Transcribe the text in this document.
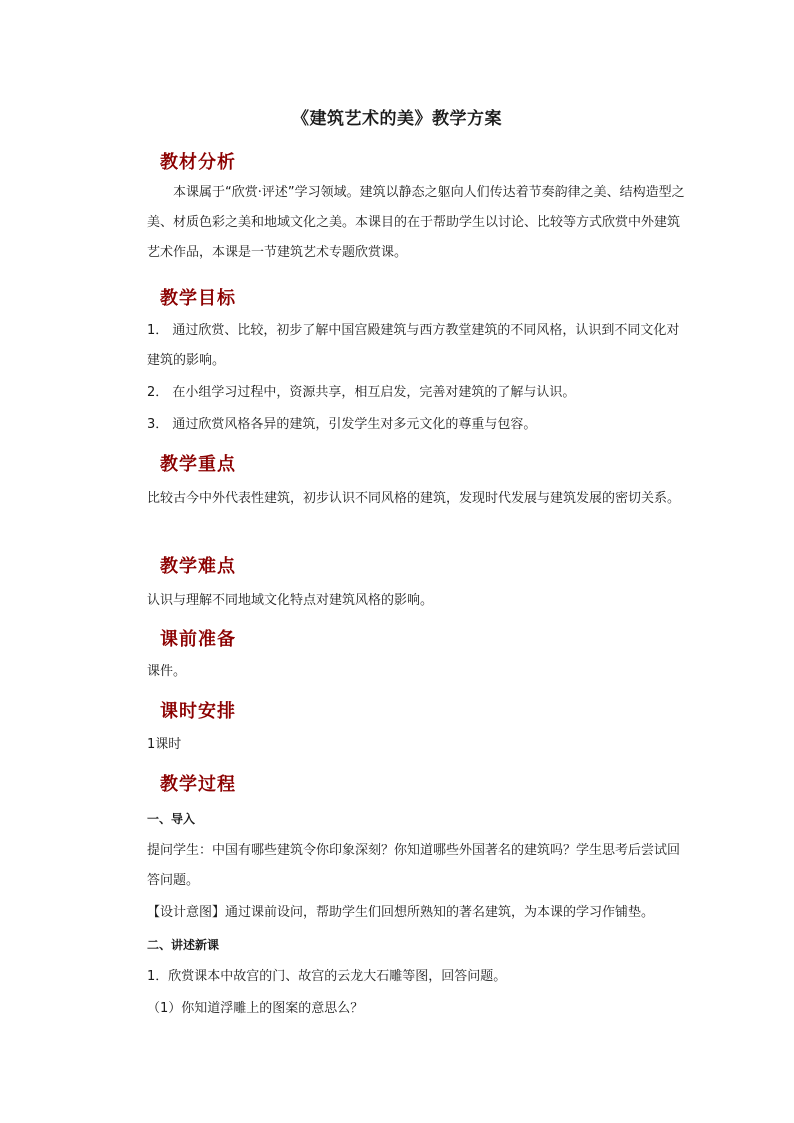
《建筑艺术的美》教学方案
教材分析
本课属于“欣赏·评述”学习领域。建筑以静态之躯向人们传达着节奏韵律之美、结构造型之美、材质色彩之美和地域文化之美。本课目的在于帮助学生以讨论、比较等方式欣赏中外建筑艺术作品，本课是一节建筑艺术专题欣赏课。
教学目标
1． 通过欣赏、比较，初步了解中国宫殿建筑与西方教堂建筑的不同风格，认识到不同文化对建筑的影响。
2． 在小组学习过程中，资源共享，相互启发，完善对建筑的了解与认识。
3． 通过欣赏风格各异的建筑，引发学生对多元文化的尊重与包容。
教学重点
比较古今中外代表性建筑，初步认识不同风格的建筑，发现时代发展与建筑发展的密切关系。
教学难点
认识与理解不同地域文化特点对建筑风格的影响。
课前准备
课件。
课时安排
1课时
教学过程
一、导入
提问学生：中国有哪些建筑令你印象深刻？你知道哪些外国著名的建筑吗？学生思考后尝试回答问题。
【设计意图】通过课前设问，帮助学生们回想所熟知的著名建筑，为本课的学习作铺垫。
二、讲述新课
1．欣赏课本中故宫的门、故宫的云龙大石雕等图，回答问题。
（1）你知道浮雕上的图案的意思么？
